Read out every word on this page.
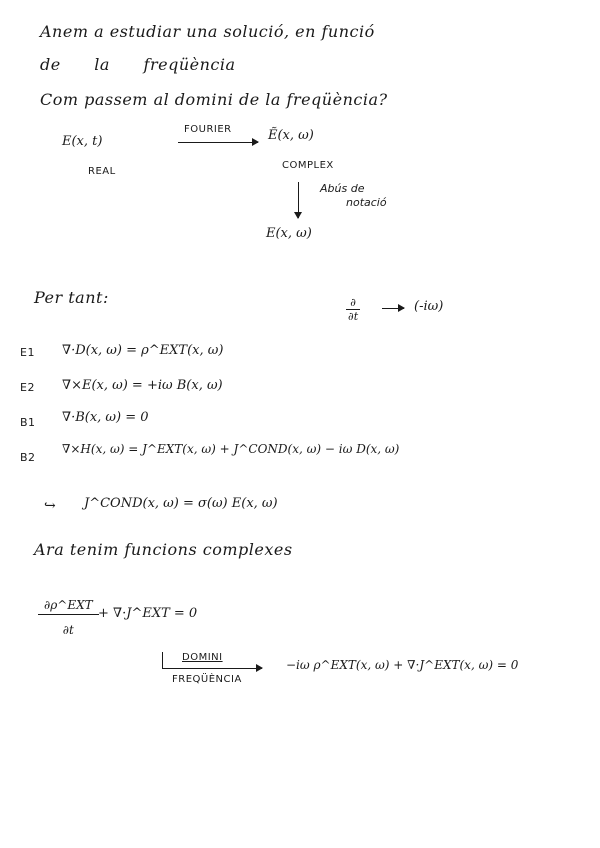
Anem a estudiar una solució, en funció
de la freqüència
Com passem al domini de la freqüència?
E(x, t)
REAL
FOURIER	Ẽ(x, ω)
COMPLEX
Abús de
notació
E(x, ω)
Per tant:	$\frac{\partial}{\partial t}$	(-iω)
E1 ∇·D(x, ω) = ρ^EXT(x, ω)
E2 ∇×E(x, ω) = +iω B(x, ω)
B1 ∇·B(x, ω) = 0
B2
∇×H(x, ω) = J^EXT(x, ω) + J^COND(x, ω) − iω D(x, ω)
↪ J^COND(x, ω) = σ(ω) E(x, ω)
Ara tenim funcions complexes
$\frac{\text{∂ρ\textasciicircum{}EXT}}{\partial t}$ + ∇·J^EXT = 0
DOMINI
FREQÜÈNCIA
−iω ρ^EXT(x, ω) + ∇·J^EXT(x, ω) = 0
